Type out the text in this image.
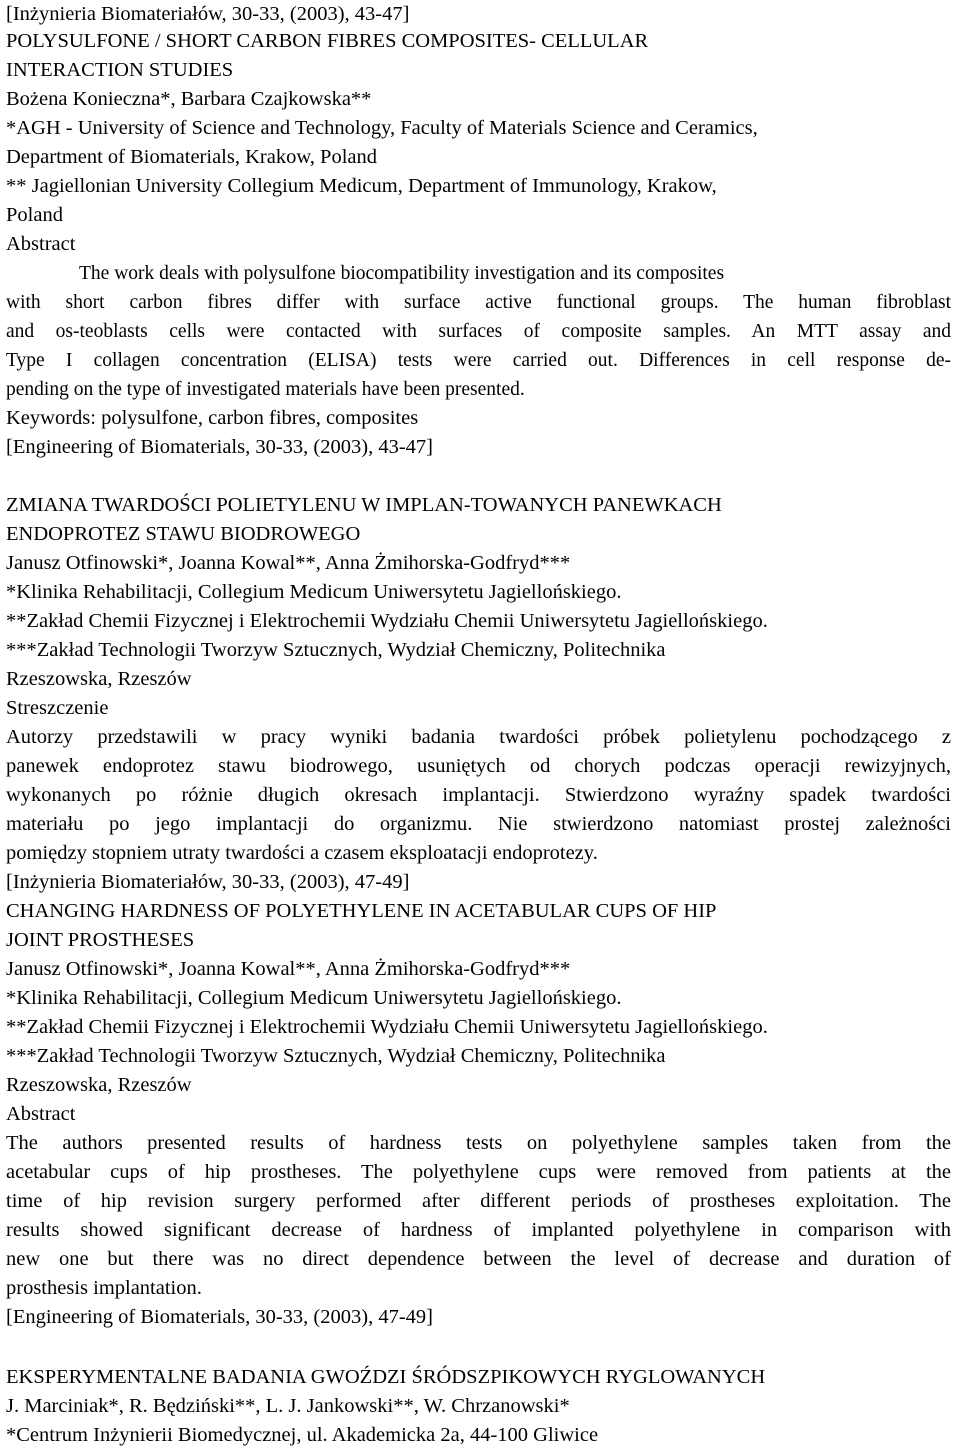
[Inżynieria Biomateriałów, 30-33, (2003), 43-47]
POLYSULFONE / SHORT CARBON FIBRES COMPOSITES- CELLULAR
INTERACTION STUDIES
Bożena Konieczna*, Barbara Czajkowska**
*AGH - University of Science and Technology, Faculty of Materials Science and Ceramics,
Department of Biomaterials, Krakow, Poland
** Jagiellonian University Collegium Medicum, Department of Immunology, Krakow,
Poland
Abstract
The work deals with polysulfone biocompatibility investigation and its composites
with short carbon fibres differ with surface active functional groups. The human fibroblast
and os-teoblasts cells were contacted with surfaces of composite samples. An MTT assay and
Type I collagen concentration (ELISA) tests were carried out. Differences in cell response de-
pending on the type of investigated materials have been presented.
Keywords: polysulfone, carbon fibres, composites
[Engineering of Biomaterials, 30-33, (2003), 43-47]
ZMIANA TWARDOŚCI POLIETYLENU W IMPLAN-TOWANYCH PANEWKACH
ENDOPROTEZ STAWU BIODROWEGO
Janusz Otfinowski*, Joanna Kowal**, Anna Żmihorska-Godfryd***
*Klinika Rehabilitacji, Collegium Medicum Uniwersytetu Jagiellońskiego.
**Zakład Chemii Fizycznej i Elektrochemii Wydziału Chemii Uniwersytetu Jagiellońskiego.
***Zakład Technologii Tworzyw Sztucznych, Wydział Chemiczny, Politechnika
Rzeszowska, Rzeszów
Streszczenie
Autorzy przedstawili w pracy wyniki badania twardości próbek polietylenu pochodzącego z
panewek endoprotez stawu biodrowego, usuniętych od chorych podczas operacji rewizyjnych,
wykonanych po różnie długich okresach implantacji. Stwierdzono wyraźny spadek twardości
materiału po jego implantacji do organizmu. Nie stwierdzono natomiast prostej zależności
pomiędzy stopniem utraty twardości a czasem eksploatacji endoprotezy.
[Inżynieria Biomateriałów, 30-33, (2003), 47-49]
CHANGING HARDNESS OF POLYETHYLENE IN ACETABULAR CUPS OF HIP
JOINT PROSTHESES
Janusz Otfinowski*, Joanna Kowal**, Anna Żmihorska-Godfryd***
*Klinika Rehabilitacji, Collegium Medicum Uniwersytetu Jagiellońskiego.
**Zakład Chemii Fizycznej i Elektrochemii Wydziału Chemii Uniwersytetu Jagiellońskiego.
***Zakład Technologii Tworzyw Sztucznych, Wydział Chemiczny, Politechnika
Rzeszowska, Rzeszów
Abstract
The authors presented results of hardness tests on polyethylene samples taken from the
acetabular cups of hip prostheses. The polyethylene cups were removed from patients at the
time of hip revision surgery performed after different periods of prostheses exploitation. The
results showed significant decrease of hardness of implanted polyethylene in comparison with
new one but there was no direct dependence between the level of decrease and duration of
prosthesis implantation.
[Engineering of Biomaterials, 30-33, (2003), 47-49]
EKSPERYMENTALNE BADANIA GWOŹDZI ŚRÓDSZPIKOWYCH RYGLOWANYCH
J. Marciniak*, R. Będziński**, L. J. Jankowski**, W. Chrzanowski*
*Centrum Inżynierii Biomedycznej, ul. Akademicka 2a, 44-100 Gliwice
